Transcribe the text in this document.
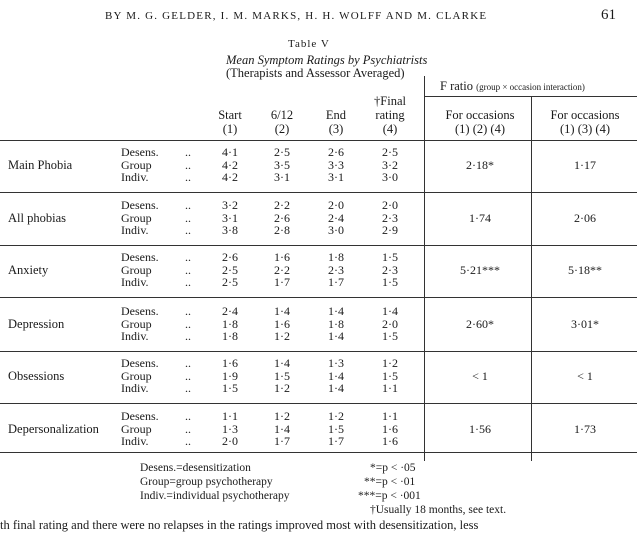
BY M. G. GELDER, I. M. MARKS, H. H. WOLFF AND M. CLARKE	61
Table V
Mean Symptom Ratings by Psychiatrists
(Therapists and Assessor Averaged)
F ratio (group × occasion interaction)
Start
(1)
6/12
(2)
End
(3)
†Final
rating
(4)
For occasions
(1) (2) (4)
For occasions
(1) (3) (4)
Main Phobia	2·18*	1·17
Desens. ..	4·1	2·5	2·6	2·5
Group	..	4·2	3·5	3·3	3·2
Indiv.	..	4·2	3·1	3·1	3·0
All phobias	1·74	2·06
Desens. ..	3·2	2·2	2·0	2·0
Group	..	3·1	2·6	2·4	2·3
Indiv.	..	3·8	2·8	3·0	2·9
Anxiety	5·21***	5·18**
Desens. ..	2·6	1·6	1·8	1·5
Group	..	2·5	2·2	2·3	2·3
Indiv.	..	2·5	1·7	1·7	1·5
Depression	2·60*	3·01*
Desens. ..	2·4	1·4	1·4	1·4
Group	..	1·8	1·6	1·8	2·0
Indiv.	..	1·8	1·2	1·4	1·5
Obsessions	< 1	< 1
Desens. ..	1·6	1·4	1·3	1·2
Group	..	1·9	1·5	1·4	1·5
Indiv.	..	1·5	1·2	1·4	1·1
Depersonalization	1·56	1·73
Desens. ..	1·1	1·2	1·2	1·1
Group	..	1·3	1·4	1·5	1·6
Indiv.	..	2·0	1·7	1·7	1·6
Desens.=desensitization
Group=group psychotherapy
Indiv.=individual psychotherapy
*=p < ·05
**=p < ·01
***=p < ·001
†Usually 18 months, see text.
th final rating and there were no relapses in the ratings improved most with desensitization, less
